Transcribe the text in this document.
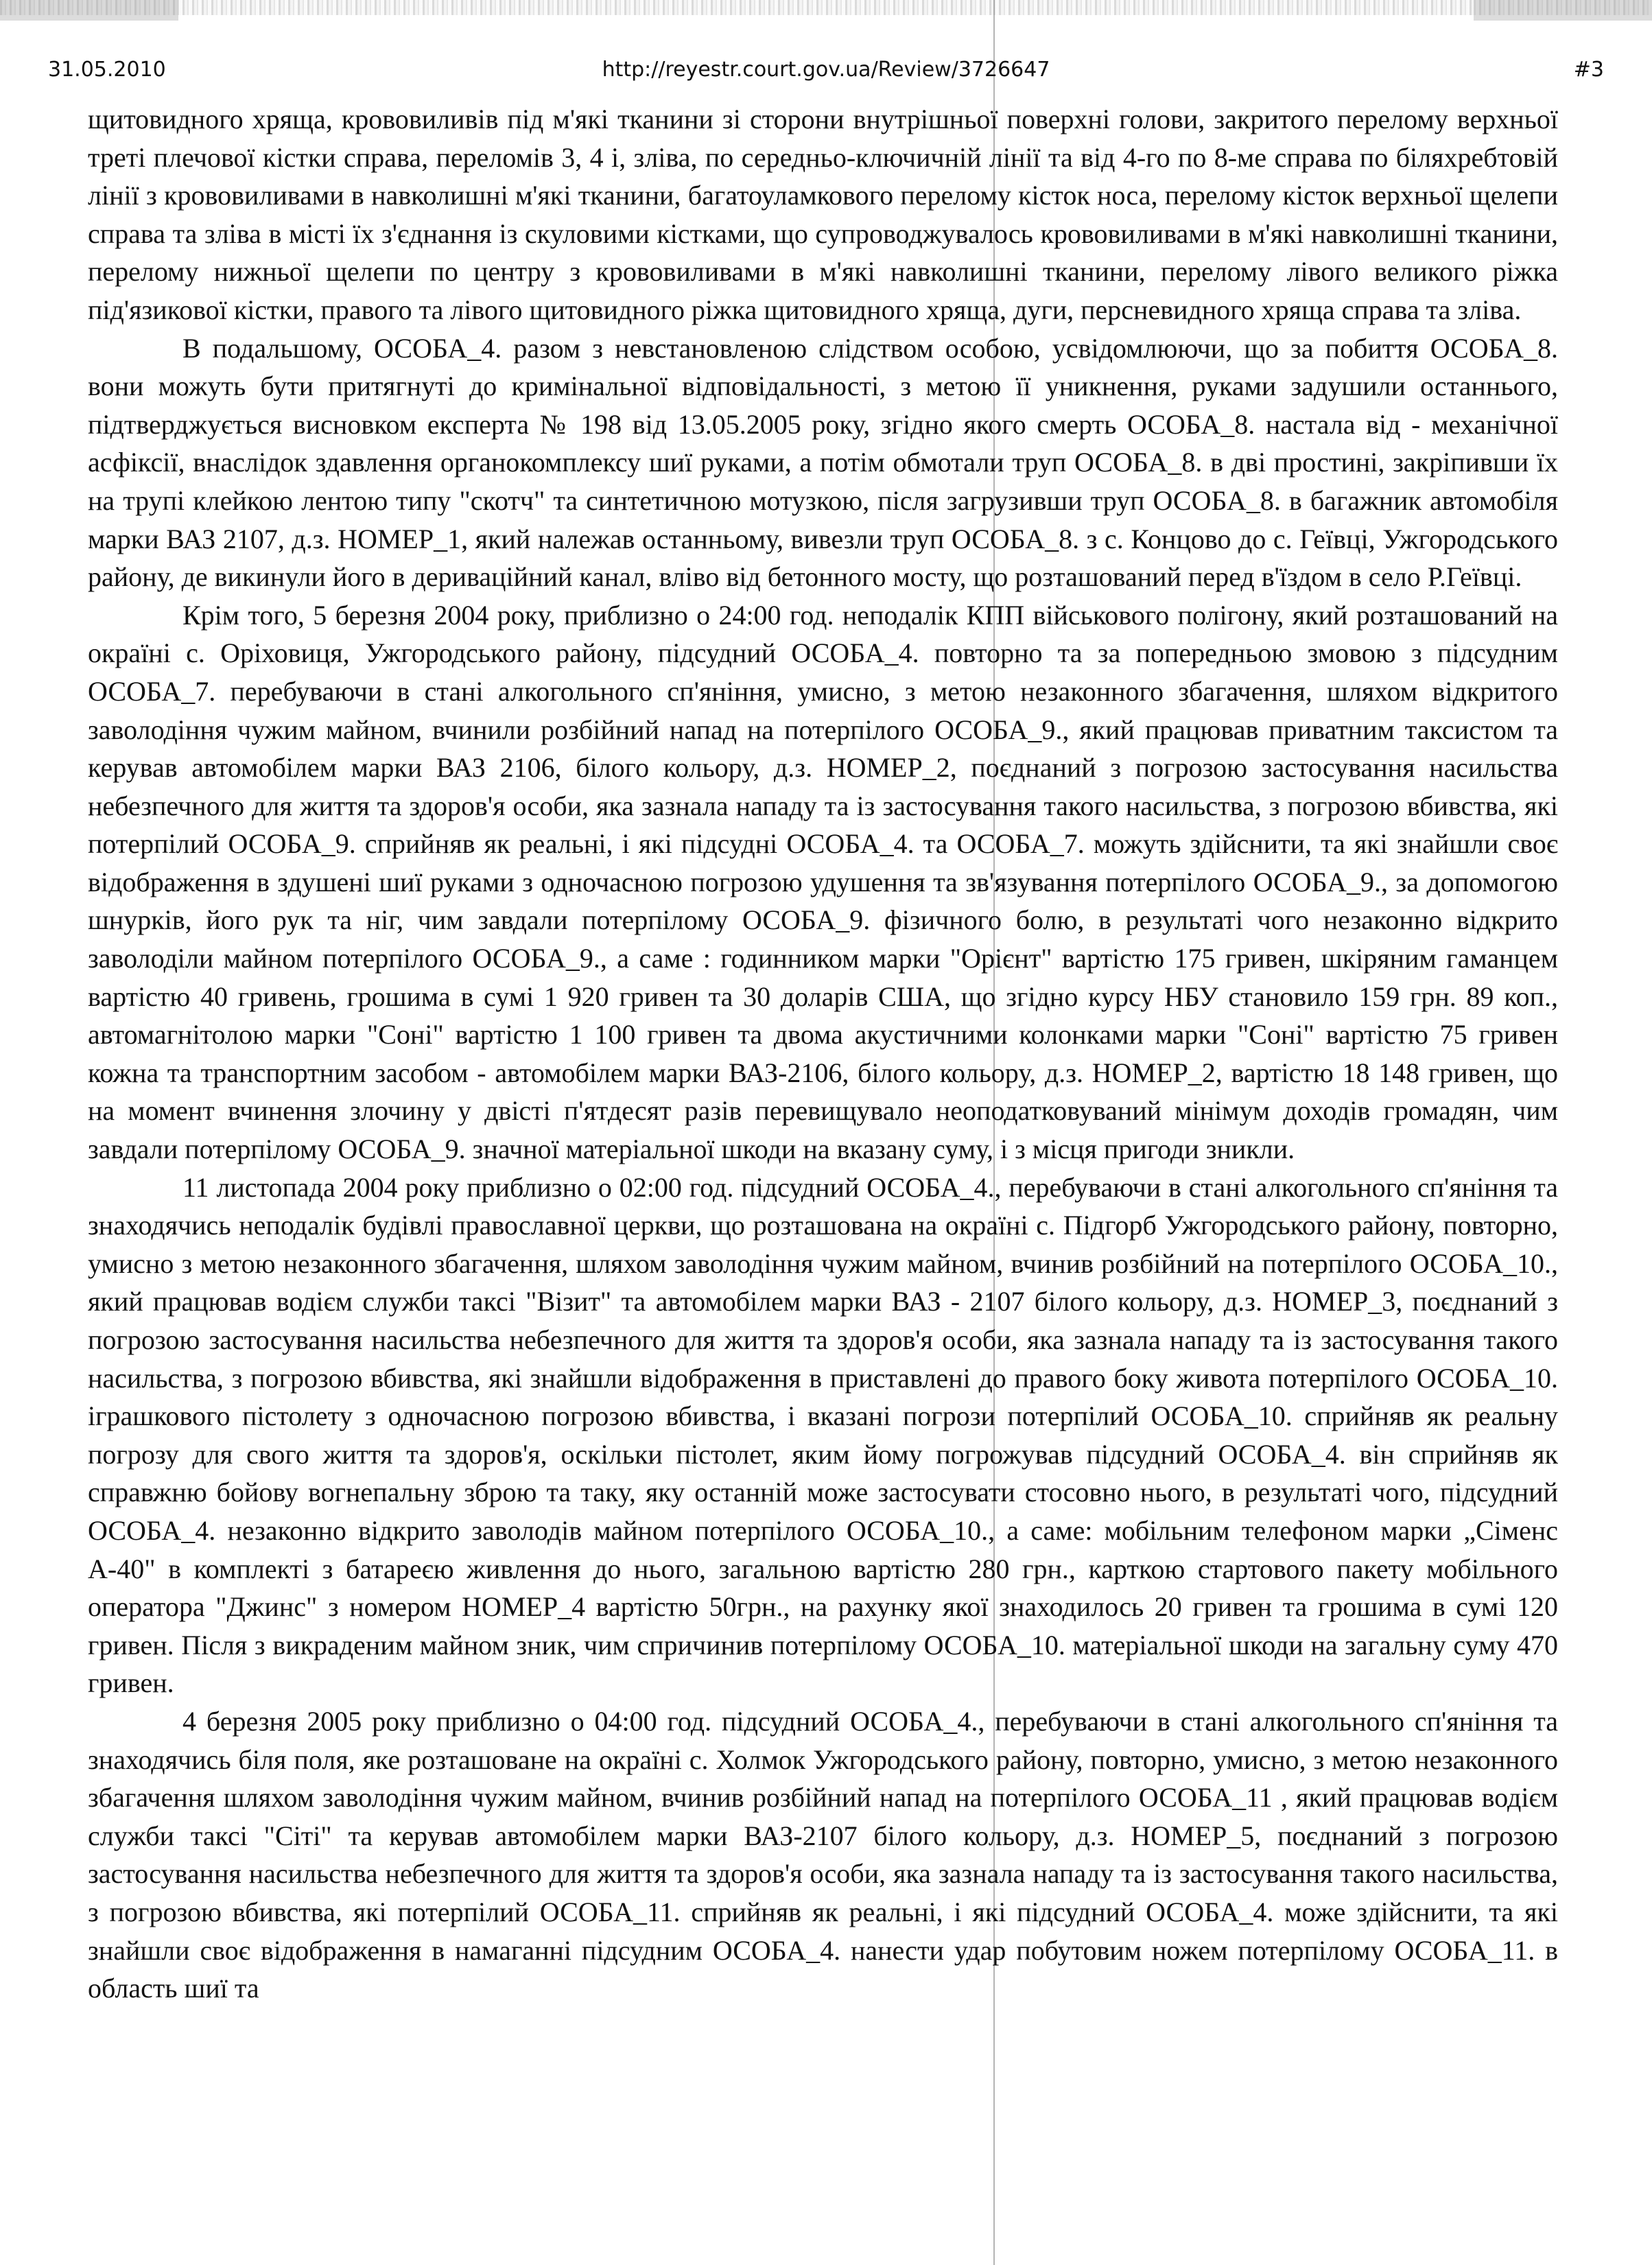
31.05.2010	http://reyestr.court.gov.ua/Review/3726647	#3

щитовидного хряща, крововиливів під м'які тканини зі сторони внутрішньої поверхні голови, закритого перелому верхньої треті плечової кістки справа, переломів 3, 4 і, зліва, по середньо-ключичній лінії та від 4-го по 8-ме справа по біляхребтовій лінії з крововиливами в навколишні м'які тканини, багатоуламкового перелому кісток носа, перелому кісток верхньої щелепи справа та зліва в місті їх з'єднання із скуловими кістками, що супроводжувалось крововиливами в м'які навколишні тканини, перелому нижньої щелепи по центру з крововиливами в м'які навколишні тканини, перелому лівого великого ріжка під'язикової кістки, правого та лівого щитовидного ріжка щитовидного хряща, дуги, персневидного хряща справа та зліва.

В подальшому, ОСОБА_4. разом з невстановленою слідством особою, усвідомлюючи, що за побиття ОСОБА_8. вони можуть бути притягнуті до кримінальної відповідальності, з метою її уникнення, руками задушили останнього, підтверджується висновком експерта № 198 від 13.05.2005 року, згідно якого смерть ОСОБА_8. настала від - механічної асфіксії, внаслідок здавлення органокомплексу шиї руками, а потім обмотали труп ОСОБА_8. в дві простині, закріпивши їх на трупі клейкою лентою типу "скотч" та синтетичною мотузкою, після загрузивши труп ОСОБА_8. в багажник автомобіля марки ВАЗ 2107, д.з. НОМЕР_1, який належав останньому, вивезли труп ОСОБА_8. з с. Концово до с. Геївці, Ужгородського району, де викинули його в дериваційний канал, вліво від бетонного мосту, що розташований перед в'їздом в село Р.Геївці.

Крім того, 5 березня 2004 року, приблизно о 24:00 год. неподалік КПП військового полігону, який розташований на окраїні с. Оріховиця, Ужгородського району, підсудний ОСОБА_4. повторно та за попередньою змовою з підсудним ОСОБА_7. перебуваючи в стані алкогольного сп'яніння, умисно, з метою незаконного збагачення, шляхом відкритого заволодіння чужим майном, вчинили розбійний напад на потерпілого ОСОБА_9., який працював приватним таксистом та керував автомобілем марки ВАЗ 2106, білого кольору, д.з. НОМЕР_2, поєднаний з погрозою застосування насильства небезпечного для життя та здоров'я особи, яка зазнала нападу та із застосування такого насильства, з погрозою вбивства, які потерпілий ОСОБА_9. сприйняв як реальні, і які підсудні ОСОБА_4. та ОСОБА_7. можуть здійснити, та які знайшли своє відображення в здушені шиї руками з одночасною погрозою удушення та зв'язування потерпілого ОСОБА_9., за допомогою шнурків, його рук та ніг, чим завдали потерпілому ОСОБА_9. фізичного болю, в результаті чого незаконно відкрито заволоділи майном потерпілого ОСОБА_9., а саме : годинником марки "Орієнт" вартістю 175 гривен, шкіряним гаманцем вартістю 40 гривень, грошима в сумі 1 920 гривен та 30 доларів США, що згідно курсу НБУ становило 159 грн. 89 коп., автомагнітолою марки "Соні" вартістю 1 100 гривен та двома акустичними колонками марки "Соні" вартістю 75 гривен кожна та транспортним засобом - автомобілем марки ВАЗ-2106, білого кольору, д.з. НОМЕР_2, вартістю 18 148 гривен, що на момент вчинення злочину у двісті п'ятдесят разів перевищувало неоподатковуваний мінімум доходів громадян, чим завдали потерпілому ОСОБА_9. значної матеріальної шкоди на вказану суму, і з місця пригоди зникли.

11 листопада 2004 року приблизно о 02:00 год. підсудний ОСОБА_4., перебуваючи в стані алкогольного сп'яніння та знаходячись неподалік будівлі православної церкви, що розташована на окраїні с. Підгорб Ужгородського району, повторно, умисно з метою незаконного збагачення, шляхом заволодіння чужим майном, вчинив розбійний на потерпілого ОСОБА_10., який працював водієм служби таксі "Візит" та автомобілем марки ВАЗ - 2107 білого кольору, д.з. НОМЕР_3, поєднаний з погрозою застосування насильства небезпечного для життя та здоров'я особи, яка зазнала нападу та із застосування такого насильства, з погрозою вбивства, які знайшли відображення в приставлені до правого боку живота потерпілого ОСОБА_10. іграшкового пістолету з одночасною погрозою вбивства, і вказані погрози потерпілий ОСОБА_10. сприйняв як реальну погрозу для свого життя та здоров'я, оскільки пістолет, яким йому погрожував підсудний ОСОБА_4. він сприйняв як справжню бойову вогнепальну зброю та таку, яку останній може застосувати стосовно нього, в результаті чого, підсудний ОСОБА_4. незаконно відкрито заволодів майном потерпілого ОСОБА_10., а саме: мобільним телефоном марки „Сіменс А-40" в комплекті з батареєю живлення до нього, загальною вартістю 280 грн., карткою стартового пакету мобільного оператора "Джинс" з номером НОМЕР_4 вартістю 50грн., на рахунку якої знаходилось 20 гривен та грошима в сумі 120 гривен. Після з викраденим майном зник, чим спричинив потерпілому ОСОБА_10. матеріальної шкоди на загальну суму 470 гривен.

4 березня 2005 року приблизно о 04:00 год. підсудний ОСОБА_4., перебуваючи в стані алкогольного сп'яніння та знаходячись біля поля, яке розташоване на окраїні с. Холмок Ужгородського району, повторно, умисно, з метою незаконного збагачення шляхом заволодіння чужим майном, вчинив розбійний напад на потерпілого ОСОБА_11 , який працював водієм служби таксі "Сіті" та керував автомобілем марки ВАЗ-2107 білого кольору, д.з. НОМЕР_5, поєднаний з погрозою застосування насильства небезпечного для життя та здоров'я особи, яка зазнала нападу та із застосування такого насильства, з погрозою вбивства, які потерпілий ОСОБА_11. сприйняв як реальні, і які підсудний ОСОБА_4. може здійснити, та які знайшли своє відображення в намаганні підсудним ОСОБА_4. нанести удар побутовим ножем потерпілому ОСОБА_11. в область шиї та
